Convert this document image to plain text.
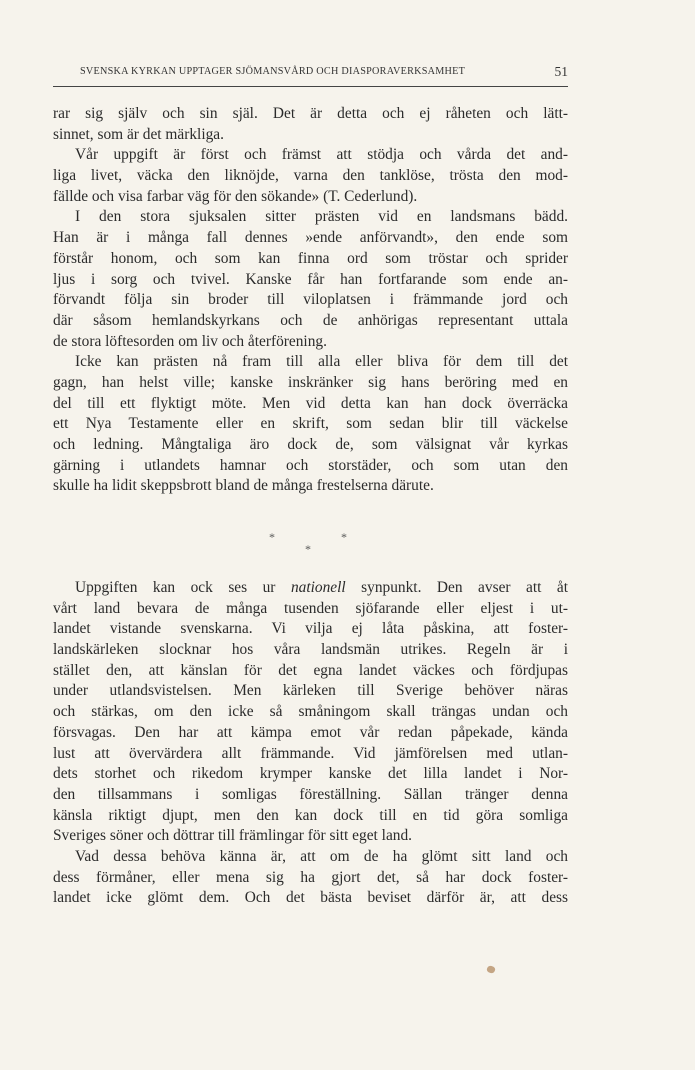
SVENSKA KYRKAN UPPTAGER SJÖMANSVÅRD OCH DIASPORAVERKSAMHET	51
rar sig själv och sin själ. Det är detta och ej råheten och lätt-
sinnet, som är det märkliga.
Vår uppgift är först och främst att stödja och vårda det and-
liga livet, väcka den liknöjde, varna den tanklöse, trösta den mod-
fällde och visa farbar väg för den sökande» (T. Cederlund).
I den stora sjuksalen sitter prästen vid en landsmans bädd.
Han är i många fall dennes »ende anförvandt», den ende som
förstår honom, och som kan finna ord som tröstar och sprider
ljus i sorg och tvivel. Kanske får han fortfarande som ende an-
förvandt följa sin broder till viloplatsen i främmande jord och
där såsom hemlandskyrkans och de anhörigas representant uttala
de stora löftesorden om liv och återförening.
Icke kan prästen nå fram till alla eller bliva för dem till det
gagn, han helst ville; kanske inskränker sig hans beröring med en
del till ett flyktigt möte. Men vid detta kan han dock överräcka
ett Nya Testamente eller en skrift, som sedan blir till väckelse
och ledning. Mångtaliga äro dock de, som välsignat vår kyrkas
gärning i utlandets hamnar och storstäder, och som utan den
skulle ha lidit skeppsbrott bland de många frestelserna därute.
*	*
*
Uppgiften kan ock ses ur nationell synpunkt. Den avser att åt
vårt land bevara de många tusenden sjöfarande eller eljest i ut-
landet vistande svenskarna. Vi vilja ej låta påskina, att foster-
landskärleken slocknar hos våra landsmän utrikes. Regeln är i
stället den, att känslan för det egna landet väckes och fördjupas
under utlandsvistelsen. Men kärleken till Sverige behöver näras
och stärkas, om den icke så småningom skall trängas undan och
försvagas. Den har att kämpa emot vår redan påpekade, kända
lust att övervärdera allt främmande. Vid jämförelsen med utlan-
dets storhet och rikedom krymper kanske det lilla landet i Nor-
den tillsammans i somligas föreställning. Sällan tränger denna
känsla riktigt djupt, men den kan dock till en tid göra somliga
Sveriges söner och döttrar till främlingar för sitt eget land.
Vad dessa behöva känna är, att om de ha glömt sitt land och
dess förmåner, eller mena sig ha gjort det, så har dock foster-
landet icke glömt dem. Och det bästa beviset därför är, att dess
